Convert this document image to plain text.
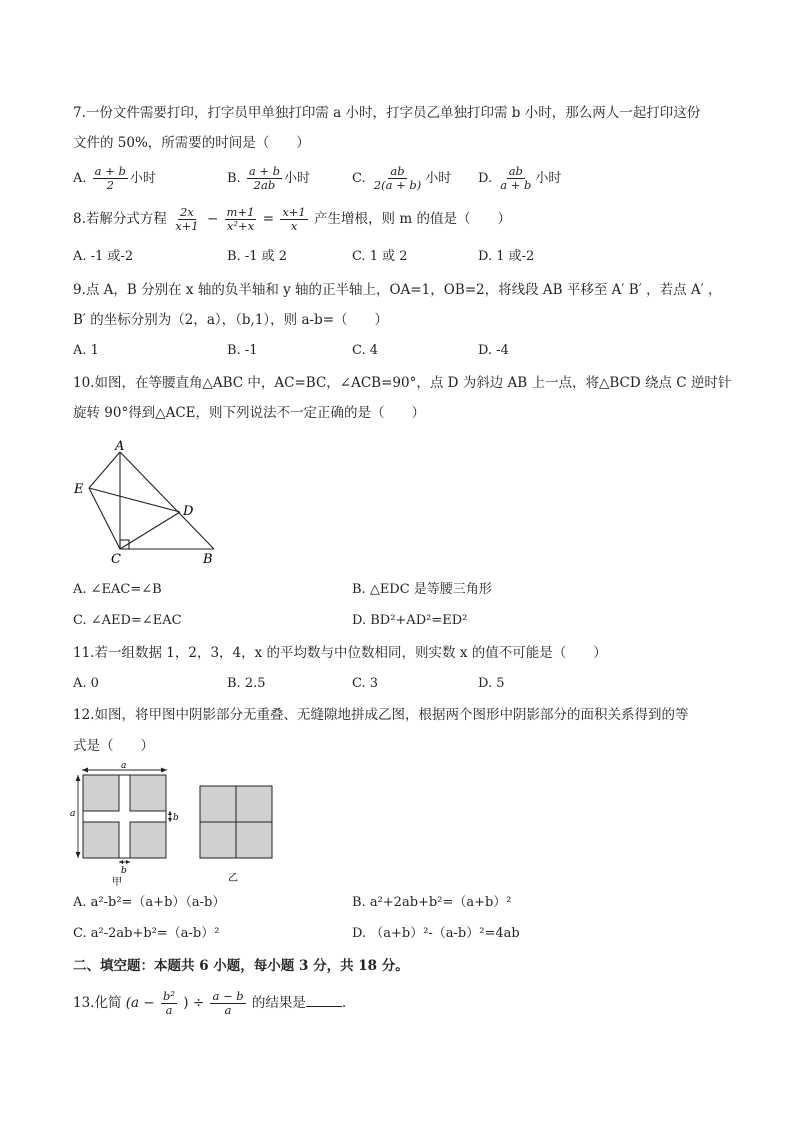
7.一份文件需要打印，打字员甲单独打印需 a 小时，打字员乙单独打印需 b 小时，那么两人一起打印这份
文件的 50%，所需要的时间是（　　）
A. $\frac{a + b}{2}$ 小时	B. $\frac{a + b}{2ab}$ 小时	C. $\frac{ab}{2(a + b)}$ 小时 D. $\frac{ab}{a + b}$ 小时
8.若解分式方程 $\frac{2x}{x+1} - \frac{m+1}{\text{x²+x}} = \frac{x+1}{x}$ 产生增根，则 m 的值是（　　）
A. -1 或-2	B. -1 或 2	C. 1 或 2	D. 1 或-2
9.点 A，B 分别在 x 轴的负半轴和 y 轴的正半轴上，OA=1，OB=2，将线段 AB 平移至 A′ B′ ，若点 A′ ，
B′ 的坐标分别为（2，a），（b,1），则 a-b=（　　）
A. 1	B. -1	C. 4	D. -4
10.如图，在等腰直角△ABC 中，AC=BC，∠ACB=90°，点 D 为斜边 AB 上一点，将△BCD 绕点 C 逆时针
旋转 90°得到△ACE，则下列说法不一定正确的是（　　）
A
E
D
C	B
A. ∠EAC=∠B	B. △EDC 是等腰三角形
C. ∠AED=∠EAC	D. BD²+AD²=ED²
11.若一组数据 1，2，3，4，x 的平均数与中位数相同，则实数 x 的值不可能是（　　）
A. 0	B. 2.5	C. 3	D. 5
12.如图，将甲图中阴影部分无重叠、无缝隙地拼成乙图，根据两个图形中阴影部分的面积关系得到的等
式是（　　）
a
a	b
b
甲	乙
A. a²-b²=（a+b）（a-b）	B. a²+2ab+b²=（a+b）²
C. a²-2ab+b²=（a-b）²	D. （a+b）²-（a-b）²=4ab
二、填空题：本题共 6 小题，每小题 3 分，共 18 分。
13.化简 ($a - \frac{\text{b²}}{a}$ ) ÷ $\frac{a - b}{a}$ 的结果是	.
